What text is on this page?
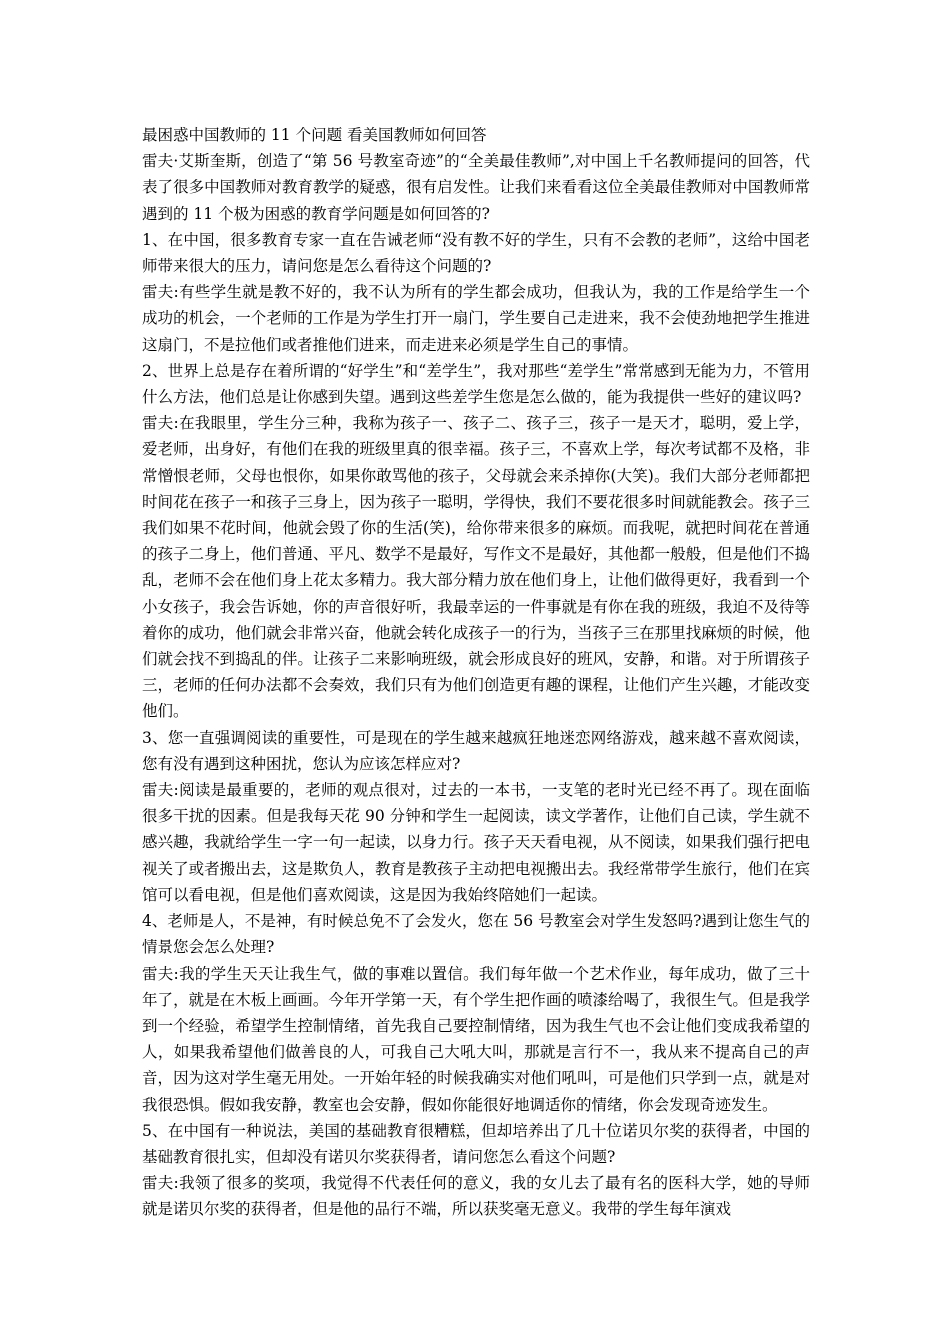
最困惑中国教师的 11 个问题 看美国教师如何回答

雷夫·艾斯奎斯，创造了“第 56 号教室奇迹”的“全美最佳教师”,对中国上千名教师提问的回答，代表了很多中国教师对教育教学的疑惑，很有启发性。让我们来看看这位全美最佳教师对中国教师常遇到的 11 个极为困惑的教育学问题是如何回答的?

1、在中国，很多教育专家一直在告诫老师“没有教不好的学生，只有不会教的老师”，这给中国老师带来很大的压力，请问您是怎么看待这个问题的?

雷夫:有些学生就是教不好的，我不认为所有的学生都会成功，但我认为，我的工作是给学生一个成功的机会，一个老师的工作是为学生打开一扇门，学生要自己走进来，我不会使劲地把学生推进这扇门，不是拉他们或者推他们进来，而走进来必须是学生自己的事情。

2、世界上总是存在着所谓的“好学生”和“差学生”，我对那些“差学生”常常感到无能为力，不管用什么方法，他们总是让你感到失望。遇到这些差学生您是怎么做的，能为我提供一些好的建议吗?

雷夫:在我眼里，学生分三种，我称为孩子一、孩子二、孩子三，孩子一是天才，聪明，爱上学，爱老师，出身好，有他们在我的班级里真的很幸福。孩子三，不喜欢上学，每次考试都不及格，非常憎恨老师，父母也恨你，如果你敢骂他的孩子，父母就会来杀掉你(大笑)。我们大部分老师都把时间花在孩子一和孩子三身上，因为孩子一聪明，学得快，我们不要花很多时间就能教会。孩子三我们如果不花时间，他就会毁了你的生活(笑)，给你带来很多的麻烦。而我呢，就把时间花在普通的孩子二身上，他们普通、平凡、数学不是最好，写作文不是最好，其他都一般般，但是他们不捣乱，老师不会在他们身上花太多精力。我大部分精力放在他们身上，让他们做得更好，我看到一个小女孩子，我会告诉她，你的声音很好听，我最幸运的一件事就是有你在我的班级，我迫不及待等着你的成功，他们就会非常兴奋，他就会转化成孩子一的行为，当孩子三在那里找麻烦的时候，他们就会找不到捣乱的伴。让孩子二来影响班级，就会形成良好的班风，安静，和谐。对于所谓孩子三，老师的任何办法都不会奏效，我们只有为他们创造更有趣的课程，让他们产生兴趣，才能改变他们。

3、您一直强调阅读的重要性，可是现在的学生越来越疯狂地迷恋网络游戏，越来越不喜欢阅读，您有没有遇到这种困扰，您认为应该怎样应对?

雷夫:阅读是最重要的，老师的观点很对，过去的一本书，一支笔的老时光已经不再了。现在面临很多干扰的因素。但是我每天花 90 分钟和学生一起阅读，读文学著作，让他们自己读，学生就不感兴趣，我就给学生一字一句一起读，以身力行。孩子天天看电视，从不阅读，如果我们强行把电视关了或者搬出去，这是欺负人，教育是教孩子主动把电视搬出去。我经常带学生旅行，他们在宾馆可以看电视，但是他们喜欢阅读，这是因为我始终陪她们一起读。

4、老师是人，不是神，有时候总免不了会发火，您在 56 号教室会对学生发怒吗?遇到让您生气的情景您会怎么处理?

雷夫:我的学生天天让我生气，做的事难以置信。我们每年做一个艺术作业，每年成功，做了三十年了，就是在木板上画画。今年开学第一天，有个学生把作画的喷漆给喝了，我很生气。但是我学到一个经验，希望学生控制情绪，首先我自己要控制情绪，因为我生气也不会让他们变成我希望的人，如果我希望他们做善良的人，可我自己大吼大叫，那就是言行不一，我从来不提高自己的声音，因为这对学生毫无用处。一开始年轻的时候我确实对他们吼叫，可是他们只学到一点，就是对我很恐惧。假如我安静，教室也会安静，假如你能很好地调适你的情绪，你会发现奇迹发生。

5、在中国有一种说法，美国的基础教育很糟糕，但却培养出了几十位诺贝尔奖的获得者，中国的基础教育很扎实，但却没有诺贝尔奖获得者，请问您怎么看这个问题?

雷夫:我领了很多的奖项，我觉得不代表任何的意义，我的女儿去了最有名的医科大学，她的导师就是诺贝尔奖的获得者，但是他的品行不端，所以获奖毫无意义。我带的学生每年演戏
